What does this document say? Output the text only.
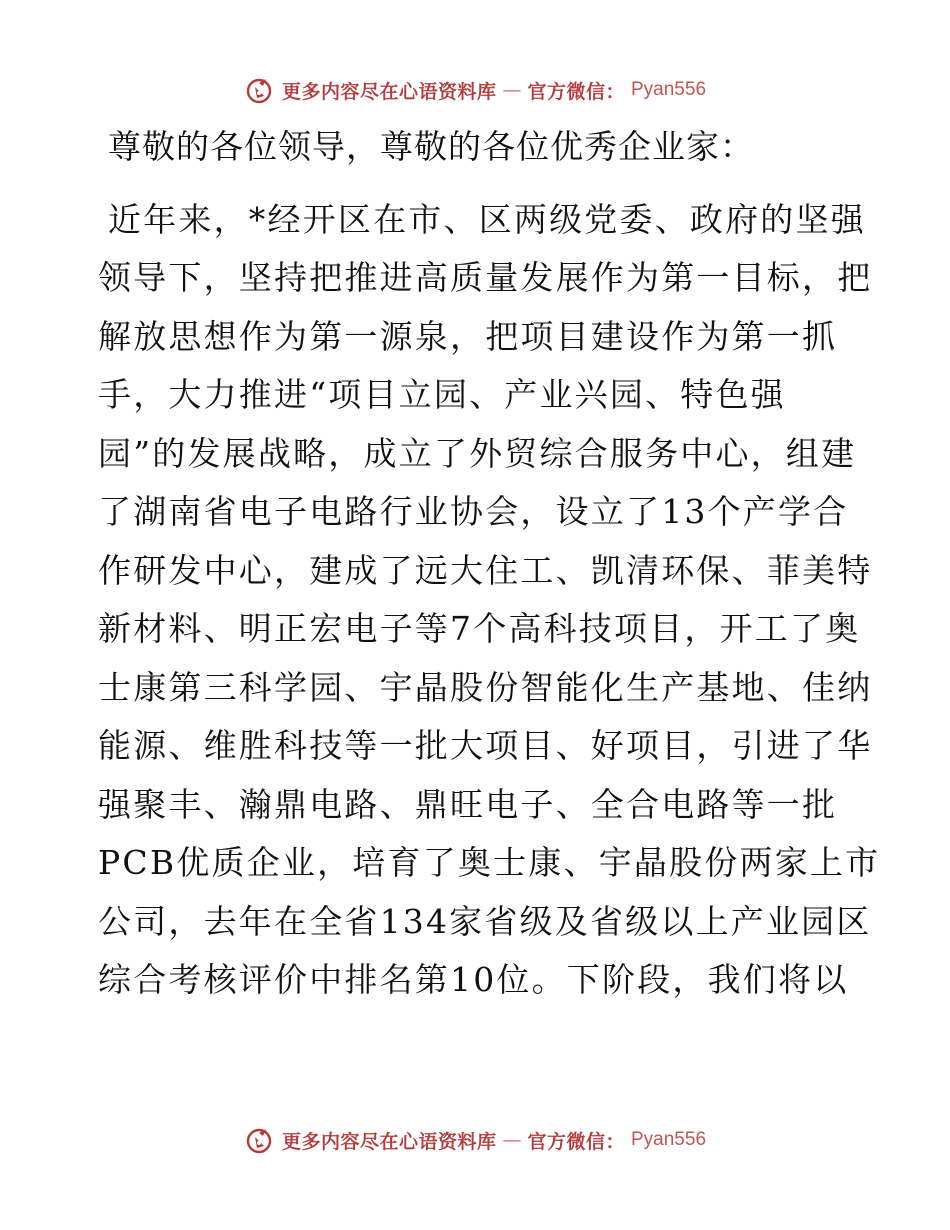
更多内容尽在心语资料库 — 官方微信： Pyan556

尊敬的各位领导，尊敬的各位优秀企业家：

近年来，*经开区在市、区两级党委、政府的坚强

领导下，坚持把推进高质量发展作为第一目标，把

解放思想作为第一源泉，把项目建设作为第一抓

手，大力推进“项目立园、产业兴园、特色强

园”的发展战略，成立了外贸综合服务中心，组建

了湖南省电子电路行业协会，设立了13个产学合

作研发中心，建成了远大住工、凯清环保、菲美特

新材料、明正宏电子等7个高科技项目，开工了奥

士康第三科学园、宇晶股份智能化生产基地、佳纳

能源、维胜科技等一批大项目、好项目，引进了华

强聚丰、瀚鼎电路、鼎旺电子、全合电路等一批

PCB优质企业，培育了奥士康、宇晶股份两家上市

公司，去年在全省134家省级及省级以上产业园区

综合考核评价中排名第10位。下阶段，我们将以

更多内容尽在心语资料库 — 官方微信： Pyan556
